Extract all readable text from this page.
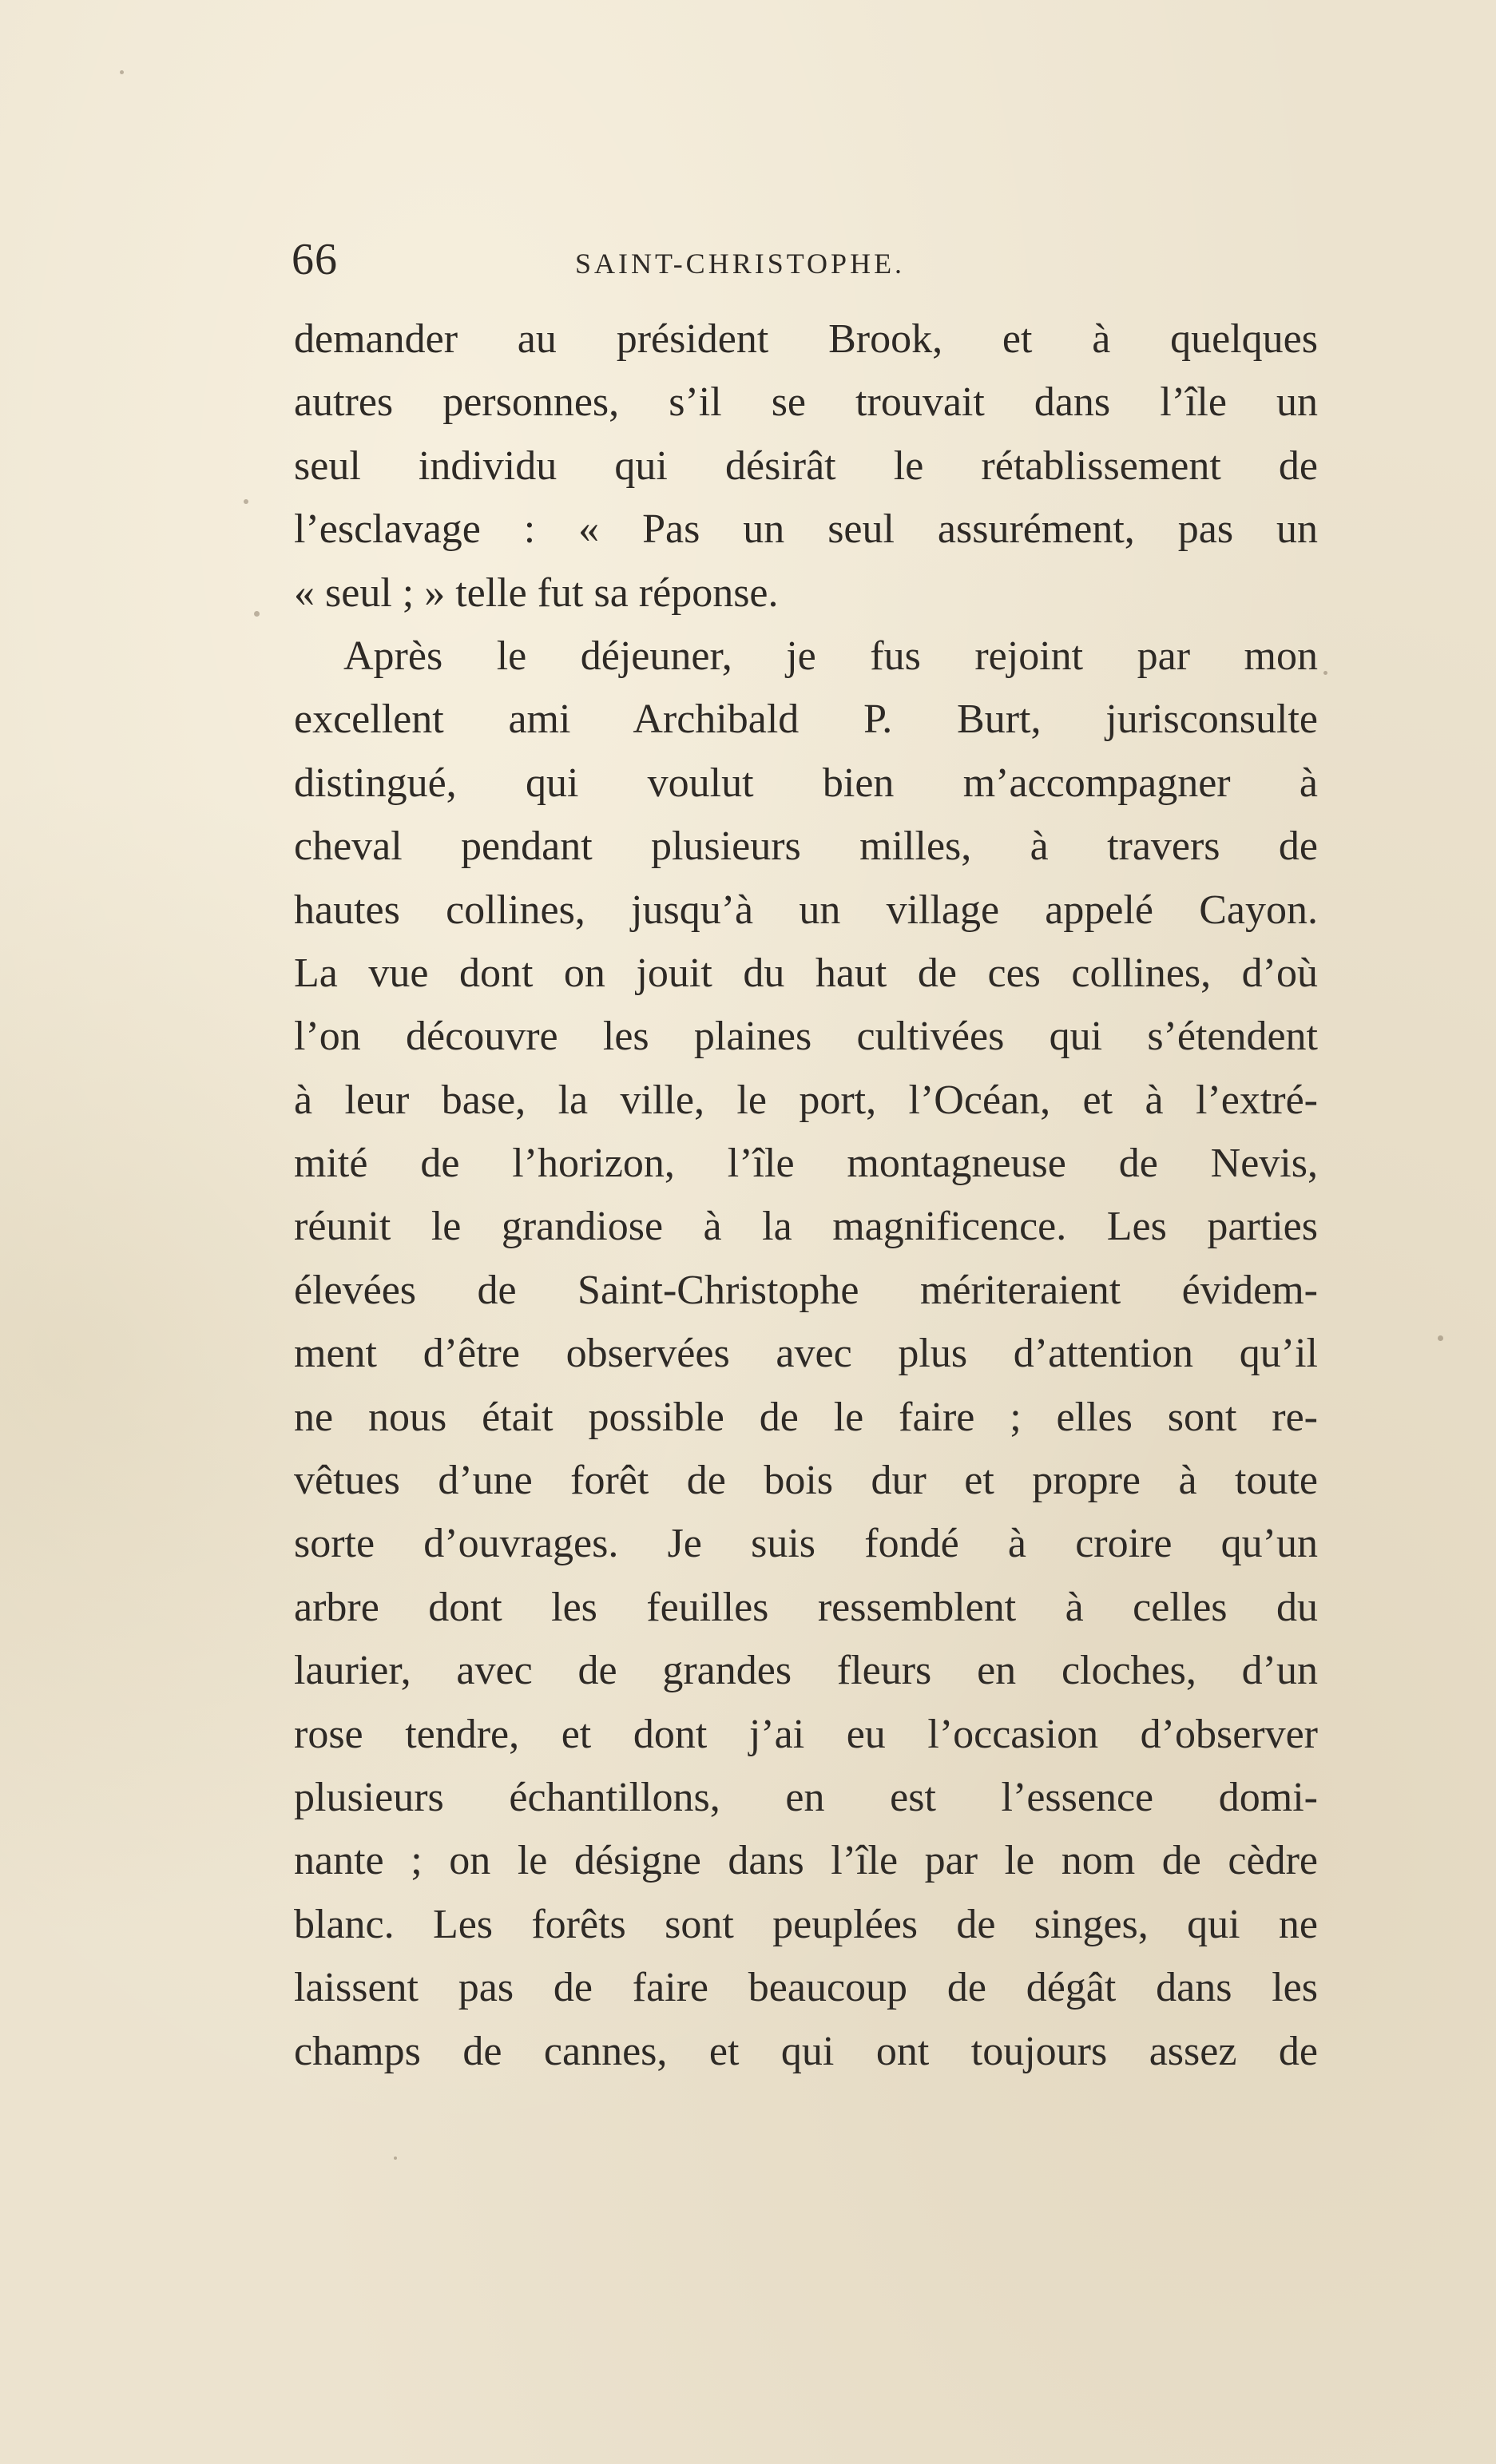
66	SAINT-CHRISTOPHE.
demander au président Brook, et à quelques
autres personnes, s’il se trouvait dans l’île un
seul individu qui désirât le rétablissement de
l’esclavage : « Pas un seul assurément, pas un
« seul ; » telle fut sa réponse.
Après le déjeuner, je fus rejoint par mon
excellent ami Archibald P. Burt, jurisconsulte
distingué, qui voulut bien m’accompagner à
cheval pendant plusieurs milles, à travers de
hautes collines, jusqu’à un village appelé Cayon.
La vue dont on jouit du haut de ces collines, d’où
l’on découvre les plaines cultivées qui s’étendent
à leur base, la ville, le port, l’Océan, et à l’extré-
mité de l’horizon, l’île montagneuse de Nevis,
réunit le grandiose à la magnificence. Les parties
élevées de Saint-Christophe mériteraient évidem-
ment d’être observées avec plus d’attention qu’il
ne nous était possible de le faire ; elles sont re-
vêtues d’une forêt de bois dur et propre à toute
sorte d’ouvrages. Je suis fondé à croire qu’un
arbre dont les feuilles ressemblent à celles du
laurier, avec de grandes fleurs en cloches, d’un
rose tendre, et dont j’ai eu l’occasion d’observer
plusieurs échantillons, en est l’essence domi-
nante ; on le désigne dans l’île par le nom de cèdre
blanc. Les forêts sont peuplées de singes, qui ne
laissent pas de faire beaucoup de dégât dans les
champs de cannes, et qui ont toujours assez de
